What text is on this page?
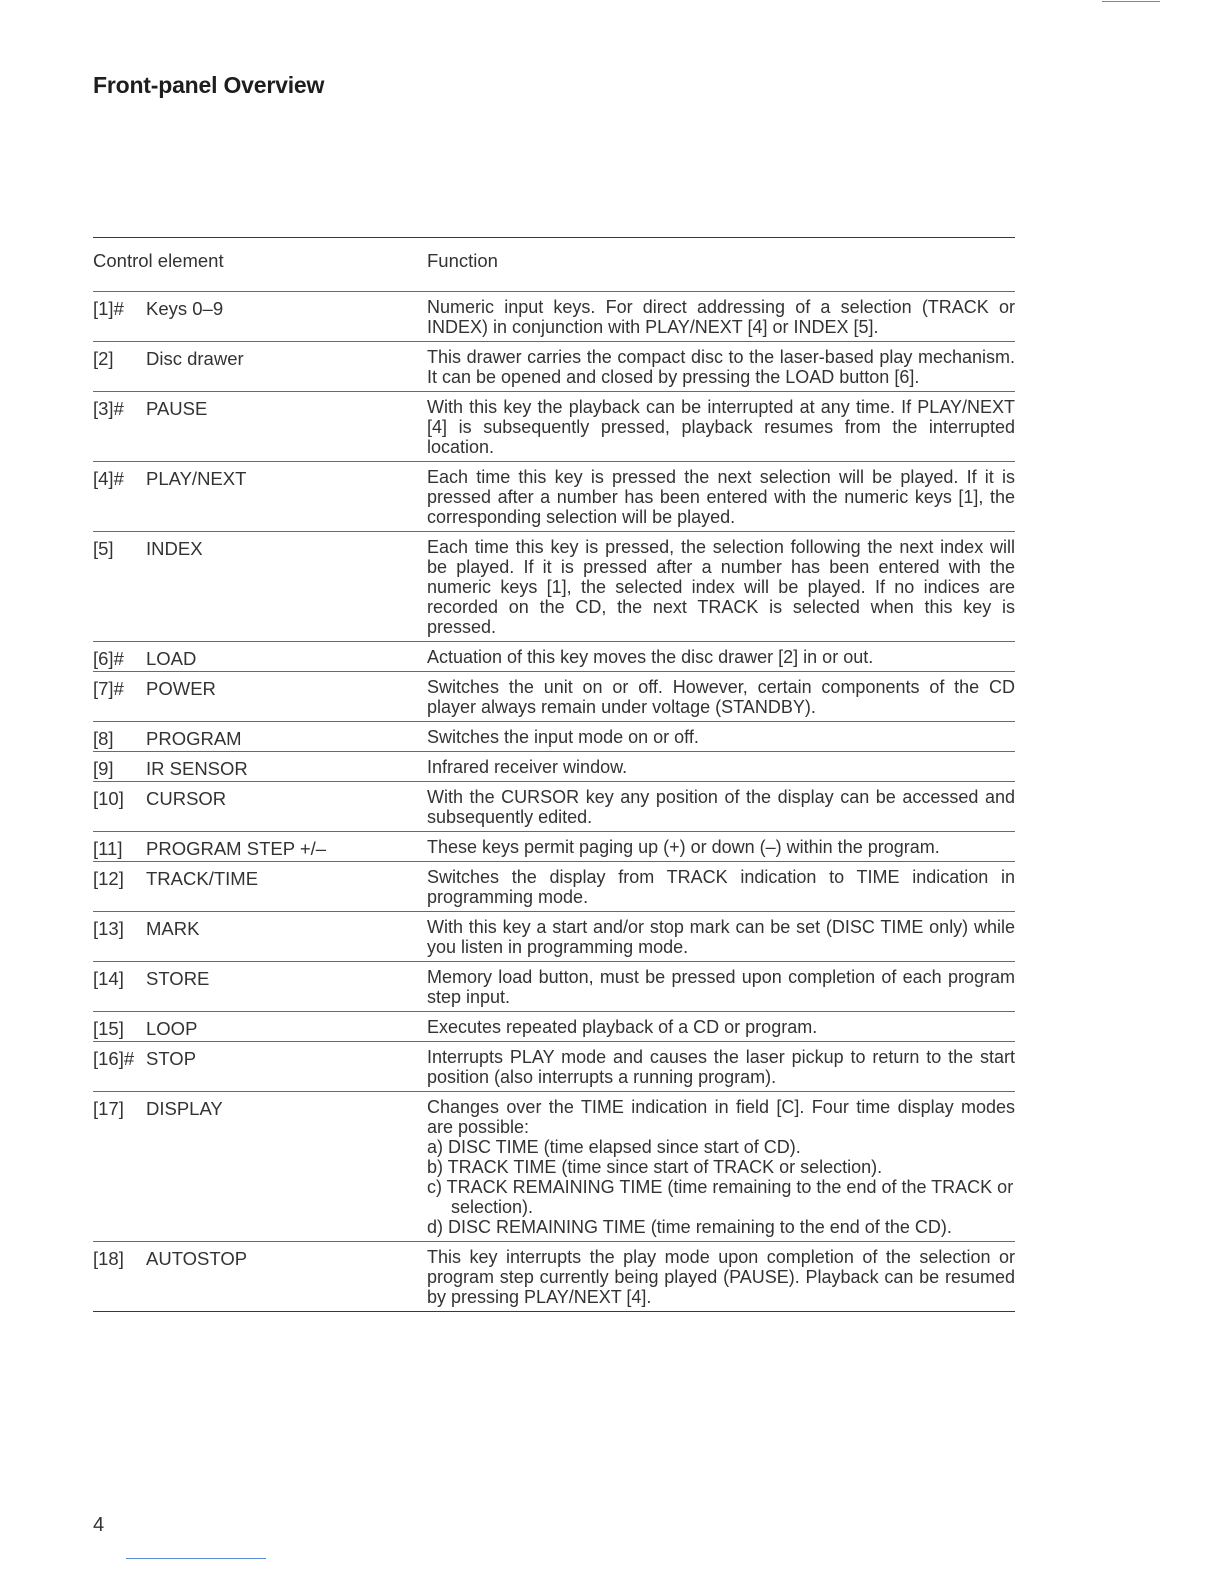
Front-panel Overview
Control element	Function
[1]# Keys 0–9	Numeric input keys. For direct addressing of a selection (TRACK or INDEX) in conjunction with PLAY/NEXT [4] or INDEX [5].
[2] Disc drawer	This drawer carries the compact disc to the laser-based play mechanism. It can be opened and closed by pressing the LOAD button [6].
[3]# PAUSE	With this key the playback can be interrupted at any time. If PLAY/NEXT [4] is subsequently pressed, playback resumes from the interrupted location.
[4]# PLAY/NEXT	Each time this key is pressed the next selection will be played. If it is pressed after a number has been entered with the numeric keys [1], the corresponding selection will be played.
[5] INDEX	Each time this key is pressed, the selection following the next index will be played. If it is pressed after a number has been entered with the numeric keys [1], the selected index will be played. If no indices are recorded on the CD, the next TRACK is selected when this key is pressed.
[6]# LOAD	Actuation of this key moves the disc drawer [2] in or out.
[7]# POWER	Switches the unit on or off. However, certain components of the CD player always remain under voltage (STANDBY).
[8] PROGRAM	Switches the input mode on or off.
[9] IR SENSOR	Infrared receiver window.
[10] CURSOR	With the CURSOR key any position of the display can be accessed and subsequently edited.
[11] PROGRAM STEP +/–	These keys permit paging up (+) or down (–) within the program.
[12] TRACK/TIME	Switches the display from TRACK indication to TIME indication in programming mode.
[13] MARK	With this key a start and/or stop mark can be set (DISC TIME only) while you listen in programming mode.
[14] STORE	Memory load button, must be pressed upon completion of each program step input.
[15] LOOP	Executes repeated playback of a CD or program.
[16]# STOP	Interrupts PLAY mode and causes the laser pickup to return to the start position (also interrupts a running program).
[17] DISPLAY	Changes over the TIME indication in field [C]. Four time display modes are possible:
a) DISC TIME (time elapsed since start of CD).
b) TRACK TIME (time since start of TRACK or selection).
c) TRACK REMAINING TIME (time remaining to the end of the TRACK or selection).
d) DISC REMAINING TIME (time remaining to the end of the CD).
[18] AUTOSTOP	This key interrupts the play mode upon completion of the selection or program step currently being played (PAUSE). Playback can be resumed by pressing PLAY/NEXT [4].
4
